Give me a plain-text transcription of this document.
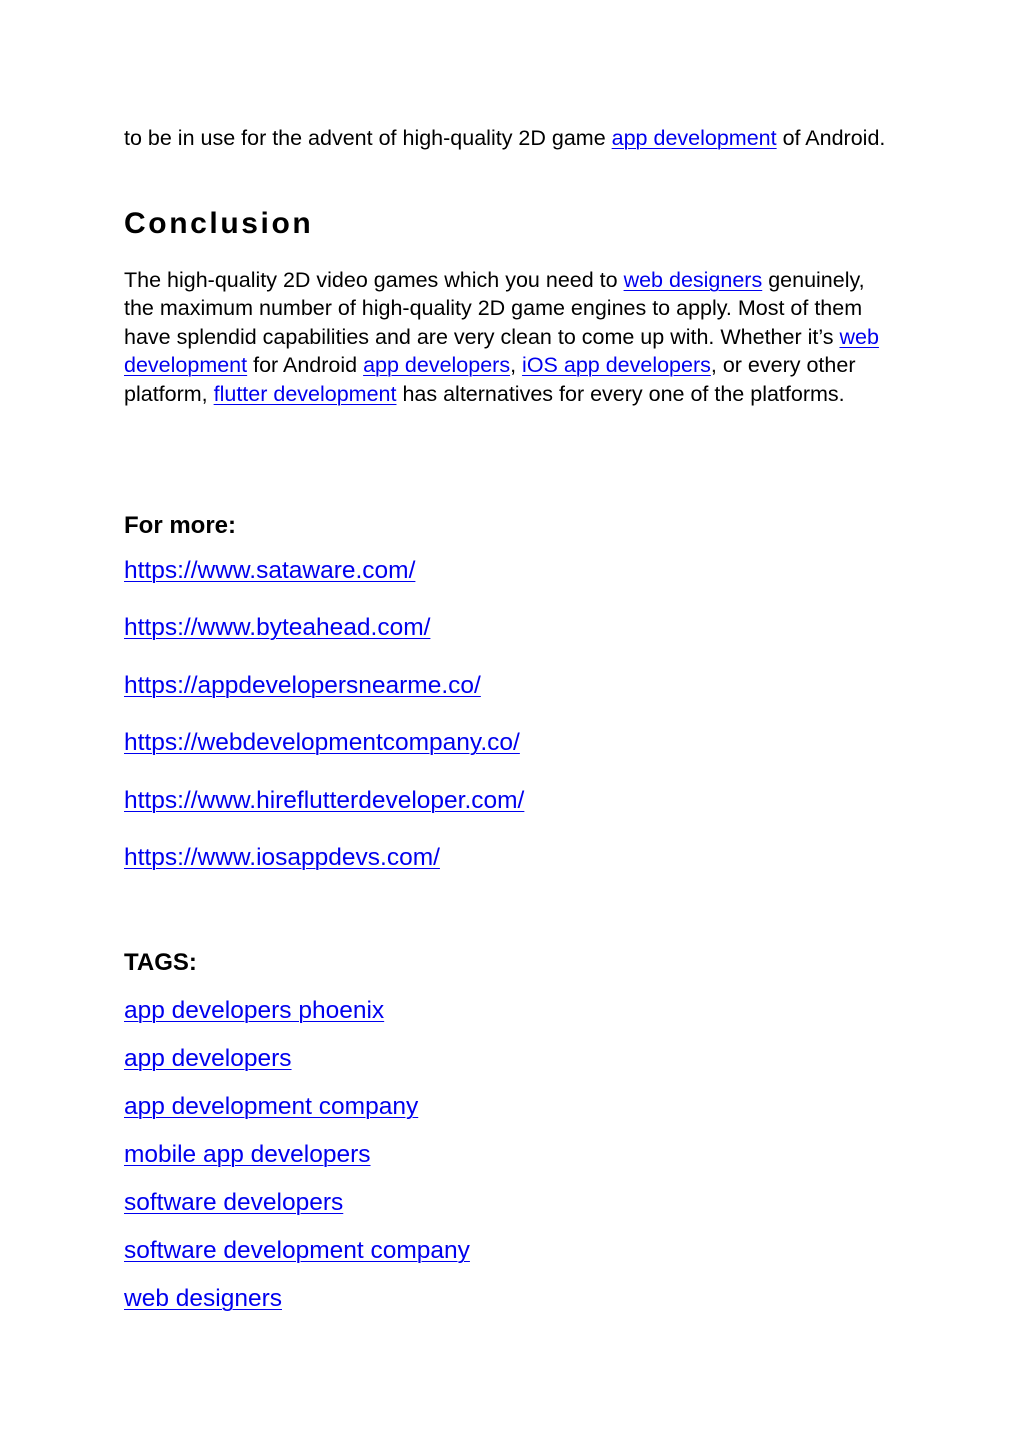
to be in use for the advent of high-quality 2D game app development of Android.

Conclusion

The high-quality 2D video games which you need to web designers genuinely, the maximum number of high-quality 2D game engines to apply. Most of them have splendid capabilities and are very clean to come up with. Whether it’s web development for Android app developers, iOS app developers, or every other platform, flutter development has alternatives for every one of the platforms.

For more:
https://www.sataware.com/
https://www.byteahead.com/
https://appdevelopersnearme.co/
https://webdevelopmentcompany.co/
https://www.hireflutterdeveloper.com/
https://www.iosappdevs.com/
TAGS:
app developers phoenix
app developers
app development company
mobile app developers
software developers
software development company
web designers
